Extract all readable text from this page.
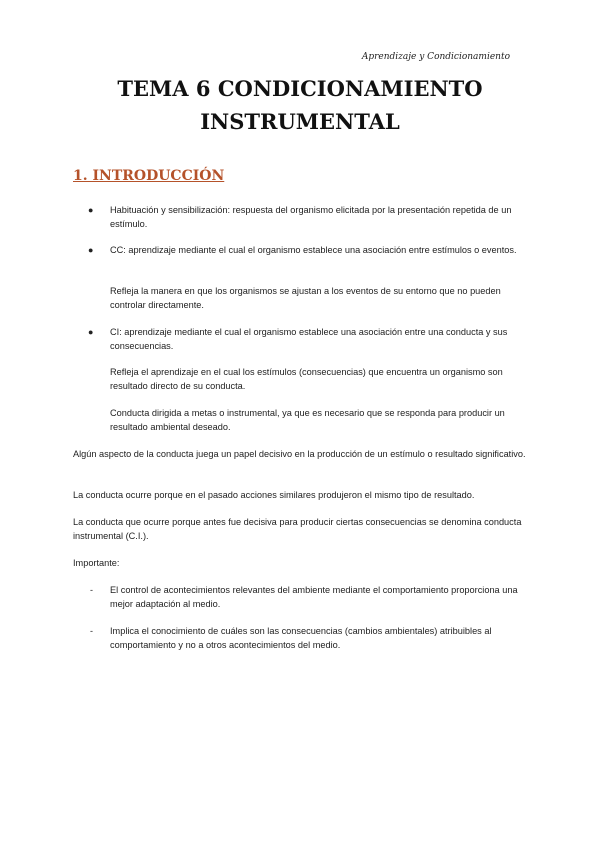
Aprendizaje y Condicionamiento
TEMA 6 CONDICIONAMIENTO
INSTRUMENTAL
1. INTRODUCCIÓN
● Habituación y sensibilización: respuesta del organismo elicitada por la presentación repetida de un estímulo.
● CC: aprendizaje mediante el cual el organismo establece una asociación entre estímulos o eventos.
Refleja la manera en que los organismos se ajustan a los eventos de su entorno que no pueden controlar directamente.
● CI: aprendizaje mediante el cual el organismo establece una asociación entre una conducta y sus consecuencias.
Refleja el aprendizaje en el cual los estímulos (consecuencias) que encuentra un organismo son resultado directo de su conducta.
Conducta dirigida a metas o instrumental, ya que es necesario que se responda para producir un resultado ambiental deseado.
Algún aspecto de la conducta juega un papel decisivo en la producción de un estímulo o resultado significativo.
La conducta ocurre porque en el pasado acciones similares produjeron el mismo tipo de resultado.
La conducta que ocurre porque antes fue decisiva para producir ciertas consecuencias se denomina conducta instrumental (C.I.).
Importante:
- El control de acontecimientos relevantes del ambiente mediante el comportamiento proporciona una mejor adaptación al medio.
- Implica el conocimiento de cuáles son las consecuencias (cambios ambientales) atribuibles al comportamiento y no a otros acontecimientos del medio.
